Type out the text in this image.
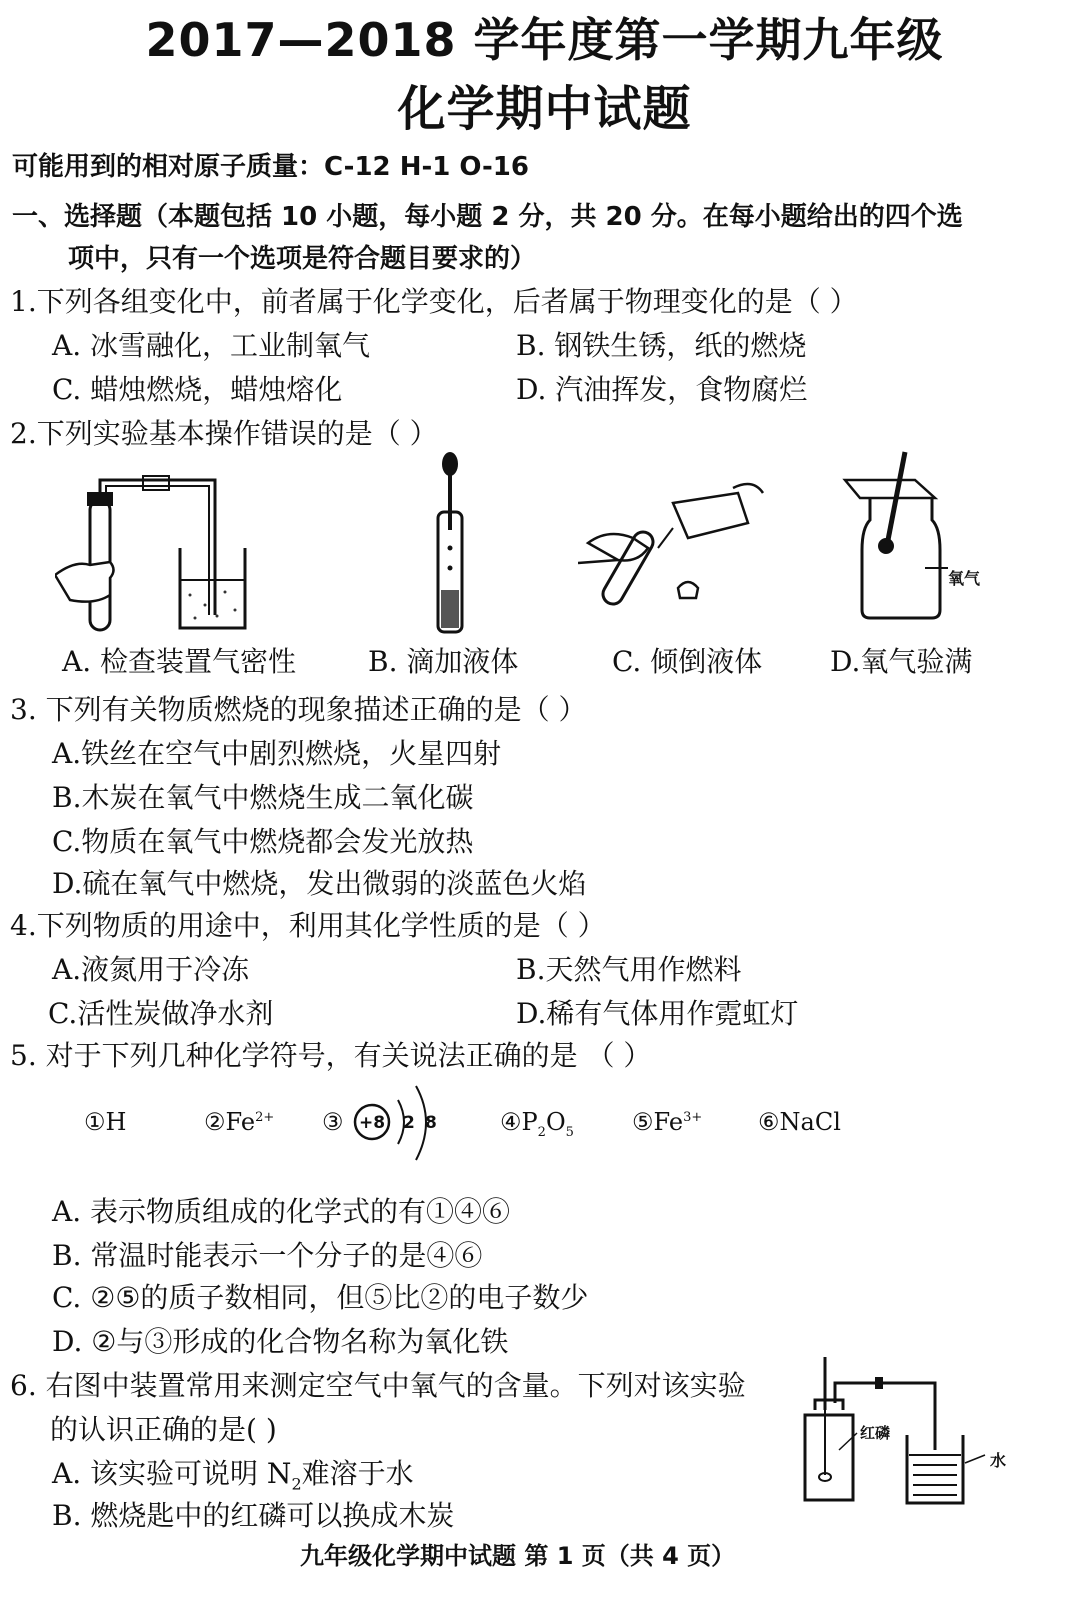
2017—2018 学年度第一学期九年级
化学期中试题
可能用到的相对原子质量：C-12 H-1 O-16
一、选择题（本题包括 10 小题，每小题 2 分，共 20 分。在每小题给出的四个选
项中，只有一个选项是符合题目要求的）
1.下列各组变化中，前者属于化学变化，后者属于物理变化的是（ ）
A. 冰雪融化，工业制氧气	B. 钢铁生锈，纸的燃烧
C. 蜡烛燃烧，蜡烛熔化	D. 汽油挥发，食物腐烂
2.下列实验基本操作错误的是（ ）
氧气
A. 检查装置气密性	B. 滴加液体	C. 倾倒液体 D.氧气验满
3. 下列有关物质燃烧的现象描述正确的是（ ）
A.铁丝在空气中剧烈燃烧，火星四射
B.木炭在氧气中燃烧生成二氧化碳
C.物质在氧气中燃烧都会发光放热
D.硫在氧气中燃烧，发出微弱的淡蓝色火焰
4.下列物质的用途中，利用其化学性质的是（ ）
A.液氮用于冷冻	B.天然气用作燃料
C.活性炭做净水剂	D.稀有气体用作霓虹灯
5. 对于下列几种化学符号，有关说法正确的是 （ ）
①H	$②Fe^{2+}$ ③ +8 2 8	$④P_2O_5$ $⑤Fe^{3+}$ ⑥NaCl
A. 表示物质组成的化学式的有①④⑥
B. 常温时能表示一个分子的是④⑥
C. ②⑤的质子数相同，但⑤比②的电子数少
D. ②与③形成的化合物名称为氧化铁
6. 右图中装置常用来测定空气中氧气的含量。下列对该实验
的认识正确的是( )
A. 该实验可说明 $N_2$难溶于水
B. 燃烧匙中的红磷可以换成木炭
红磷
水
九年级化学期中试题 第 1 页（共 4 页）
